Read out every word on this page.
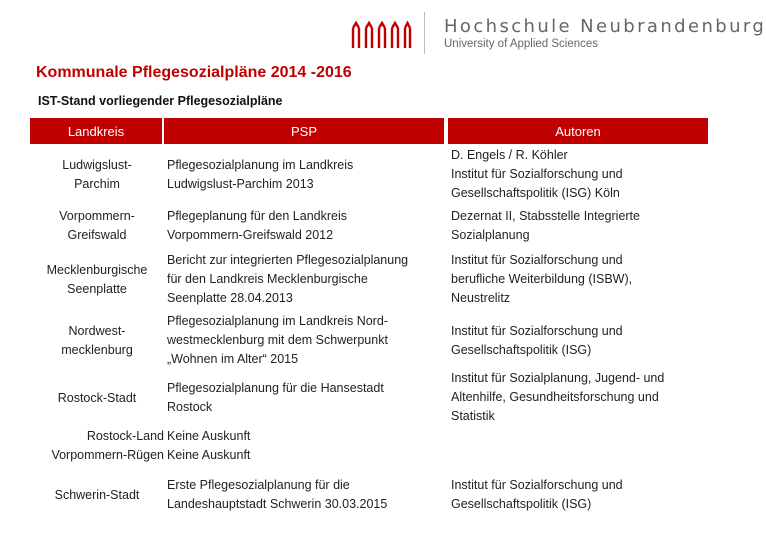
Hochschule Neubrandenburg
University of Applied Sciences
Kommunale Pflegesozialpläne 2014 -2016
IST-Stand vorliegender Pflegesozialpläne
Landkreis	PSP	Autoren
Ludwigslust-
Parchim
Pflegesozialplanung im Landkreis
Ludwigslust-Parchim 2013
D. Engels / R. Köhler
Institut für Sozialforschung und
Gesellschaftspolitik (ISG) Köln
Vorpommern-
Greifswald
Pflegeplanung für den Landkreis
Vorpommern-Greifswald 2012
Dezernat II, Stabsstelle Integrierte
Sozialplanung
Mecklenburgische
Seenplatte
Bericht zur integrierten Pflegesozialplanung
für den Landkreis Mecklenburgische
Seenplatte 28.04.2013
Institut für Sozialforschung und
berufliche Weiterbildung (ISBW),
Neustrelitz
Nordwest-
mecklenburg
Pflegesozialplanung im Landkreis Nord-
westmecklenburg mit dem Schwerpunkt
„Wohnen im Alter“ 2015
Institut für Sozialforschung und
Gesellschaftspolitik (ISG)
Rostock-Stadt
Pflegesozialplanung für die Hansestadt
Rostock
Institut für Sozialplanung, Jugend- und
Altenhilfe, Gesundheitsforschung und
Statistik
Rostock-Land Keine Auskunft
Vorpommern-Rügen Keine Auskunft
Schwerin-Stadt
Erste Pflegesozialplanung für die
Landeshauptstadt Schwerin 30.03.2015
Institut für Sozialforschung und
Gesellschaftspolitik (ISG)
